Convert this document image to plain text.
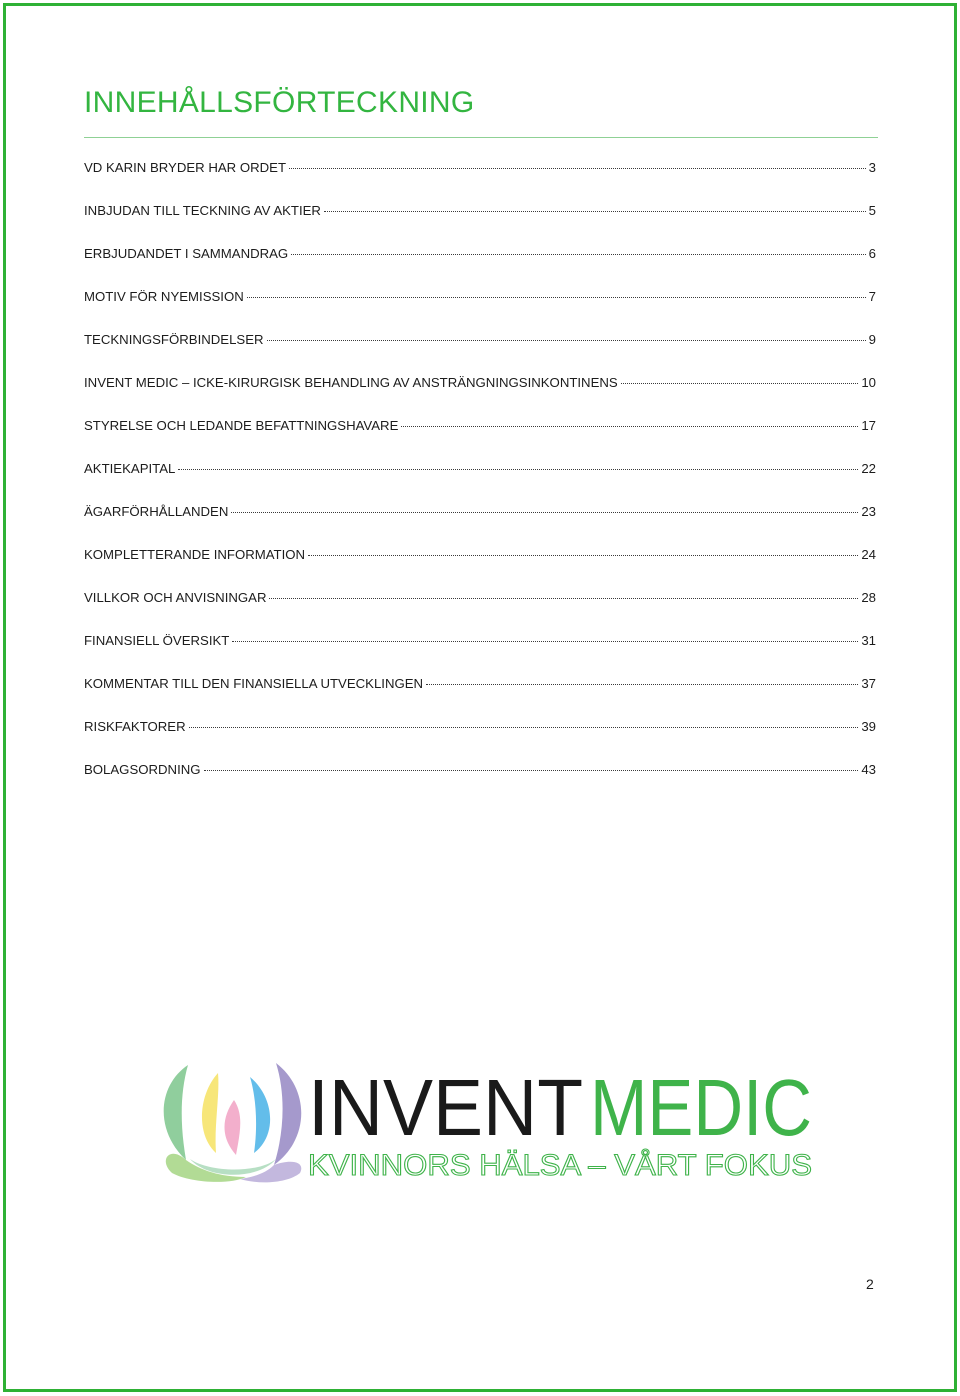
INNEHÅLLSFÖRTECKNING
VD KARIN BRYDER HAR ORDET	3
INBJUDAN TILL TECKNING AV AKTIER	5
ERBJUDANDET I SAMMANDRAG	6
MOTIV FÖR NYEMISSION	7
TECKNINGSFÖRBINDELSER	9
INVENT MEDIC – ICKE-KIRURGISK BEHANDLING AV ANSTRÄNGNINGSINKONTINENS	10
STYRELSE OCH LEDANDE BEFATTNINGSHAVARE	17
AKTIEKAPITAL	22
ÄGARFÖRHÅLLANDEN	23
KOMPLETTERANDE INFORMATION	24
VILLKOR OCH ANVISNINGAR	28
FINANSIELL ÖVERSIKT	31
KOMMENTAR TILL DEN FINANSIELLA UTVECKLINGEN	37
RISKFAKTORER	39
BOLAGSORDNING	43
INVENT MEDIC
KVINNORS HÄLSA – VÅRT FOKUS
2
